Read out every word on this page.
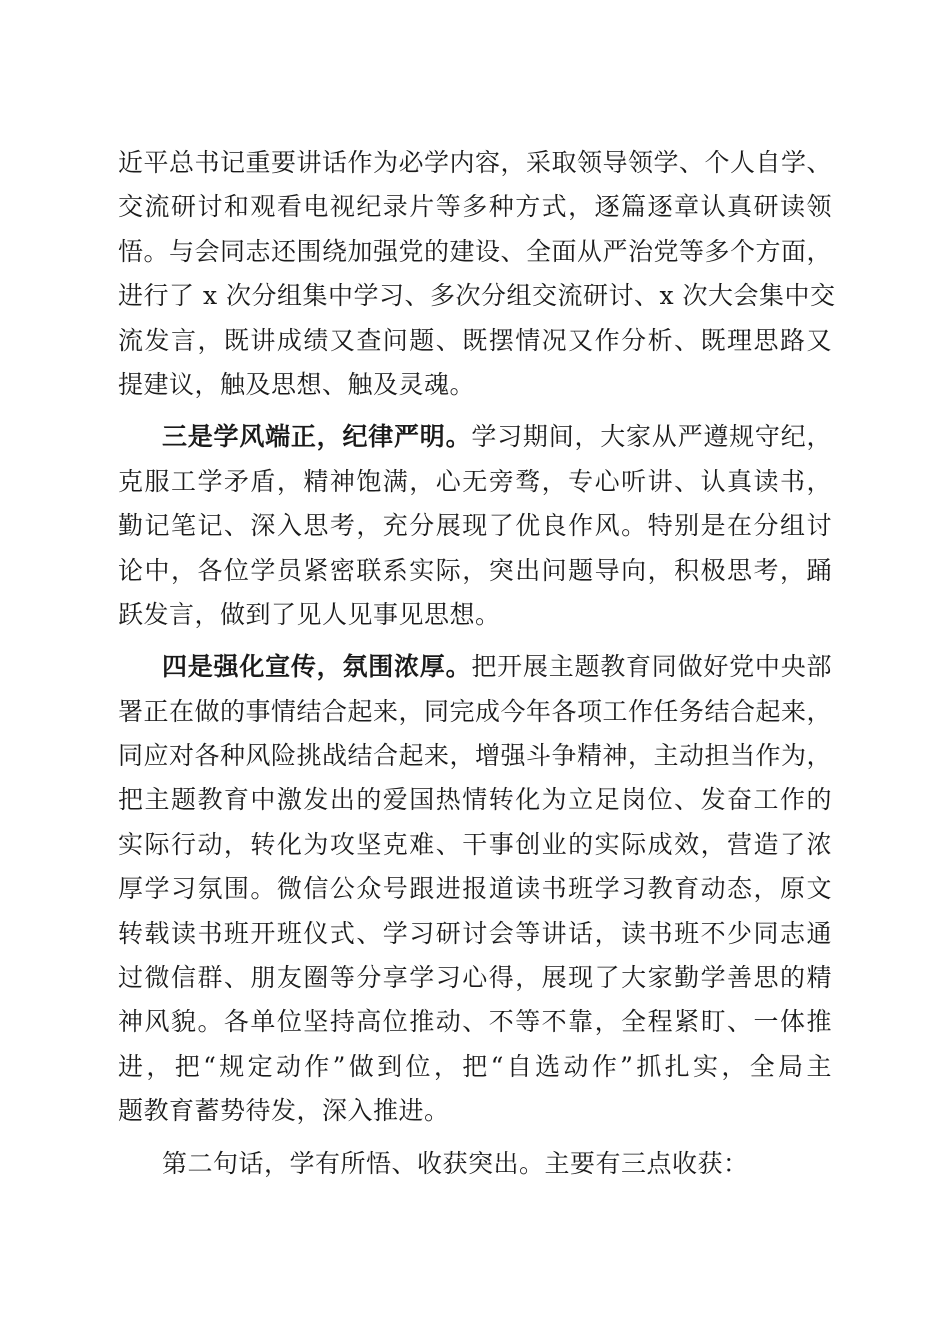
近平总书记重要讲话作为必学内容，采取领导领学、个人自学、
交流研讨和观看电视纪录片等多种方式，逐篇逐章认真研读领
悟。与会同志还围绕加强党的建设、全面从严治党等多个方面，
进行了 x 次分组集中学习、多次分组交流研讨、x 次大会集中交
流发言，既讲成绩又查问题、既摆情况又作分析、既理思路又
提建议，触及思想、触及灵魂。
三是学风端正，纪律严明。学习期间，大家从严遵规守纪，
克服工学矛盾，精神饱满，心无旁骛，专心听讲、认真读书，
勤记笔记、深入思考，充分展现了优良作风。特别是在分组讨
论中，各位学员紧密联系实际，突出问题导向，积极思考，踊
跃发言，做到了见人见事见思想。
四是强化宣传，氛围浓厚。把开展主题教育同做好党中央部
署正在做的事情结合起来，同完成今年各项工作任务结合起来，
同应对各种风险挑战结合起来，增强斗争精神，主动担当作为，
把主题教育中激发出的爱国热情转化为立足岗位、发奋工作的
实际行动，转化为攻坚克难、干事创业的实际成效，营造了浓
厚学习氛围。微信公众号跟进报道读书班学习教育动态，原文
转载读书班开班仪式、学习研讨会等讲话，读书班不少同志通
过微信群、朋友圈等分享学习心得，展现了大家勤学善思的精
神风貌。各单位坚持高位推动、不等不靠，全程紧盯、一体推
进，把“规定动作”做到位，把“自选动作”抓扎实，全局主
题教育蓄势待发，深入推进。
第二句话，学有所悟、收获突出。主要有三点收获：
